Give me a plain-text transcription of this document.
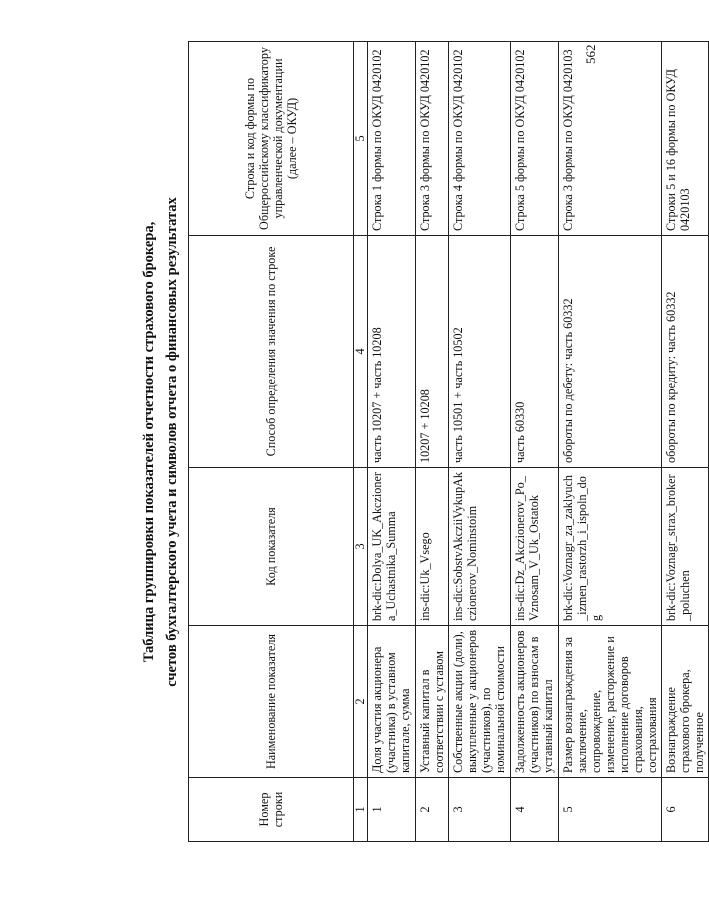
562
Таблица группировки показателей отчетности страхового брокера, счетов бухгалтерского учета и символов отчета о финансовых результатах
Номер строки	Наименование показателя	Код показателя	Способ определения значения по строке	Строка и код формы по Общероссийскому классификатору управленческой документации (далее – ОКУД)
1	2	3	4	5
1	Доля участия акционера (участника) в уставном капитале, сумма	brk-dic:Dolya_UK_Akczionera_Uchastnika_Summa	часть 10207 + часть 10208	Строка 1 формы по ОКУД 0420102
2	Уставный капитал в соответствии с уставом	ins-dic:Uk_Vsego	10207 + 10208	Строка 3 формы по ОКУД 0420102
3	Собственные акции (доли), выкупленные у акционеров (участников), по номинальной стоимости	ins-dic:SobstvAkcziiVykupAkczionerov_Nominstoim	часть 10501 + часть 10502	Строка 4 формы по ОКУД 0420102
4	Задолженность акционеров (участников) по взносам в уставный капитал	ins-dic:Dz_Akczionerov_Po_Vznosam_V_Uk_Ostatok	часть 60330	Строка 5 формы по ОКУД 0420102
5	Размер вознаграждения за заключение, сопровождение, изменение, расторжение и исполнение договоров страхования, сострахования	brk-dic:Voznagr_za_zaklyuch_izmen_rastorzh_i_ispoln_dog	обороты по дебету: часть 60332	Строка 3 формы по ОКУД 0420103
6	Вознаграждение страхового брокера, полученное	brk-dic:Voznagr_strax_broker_poluchen	обороты по кредиту: часть 60332	Строки 5 и 16 формы по ОКУД 0420103
